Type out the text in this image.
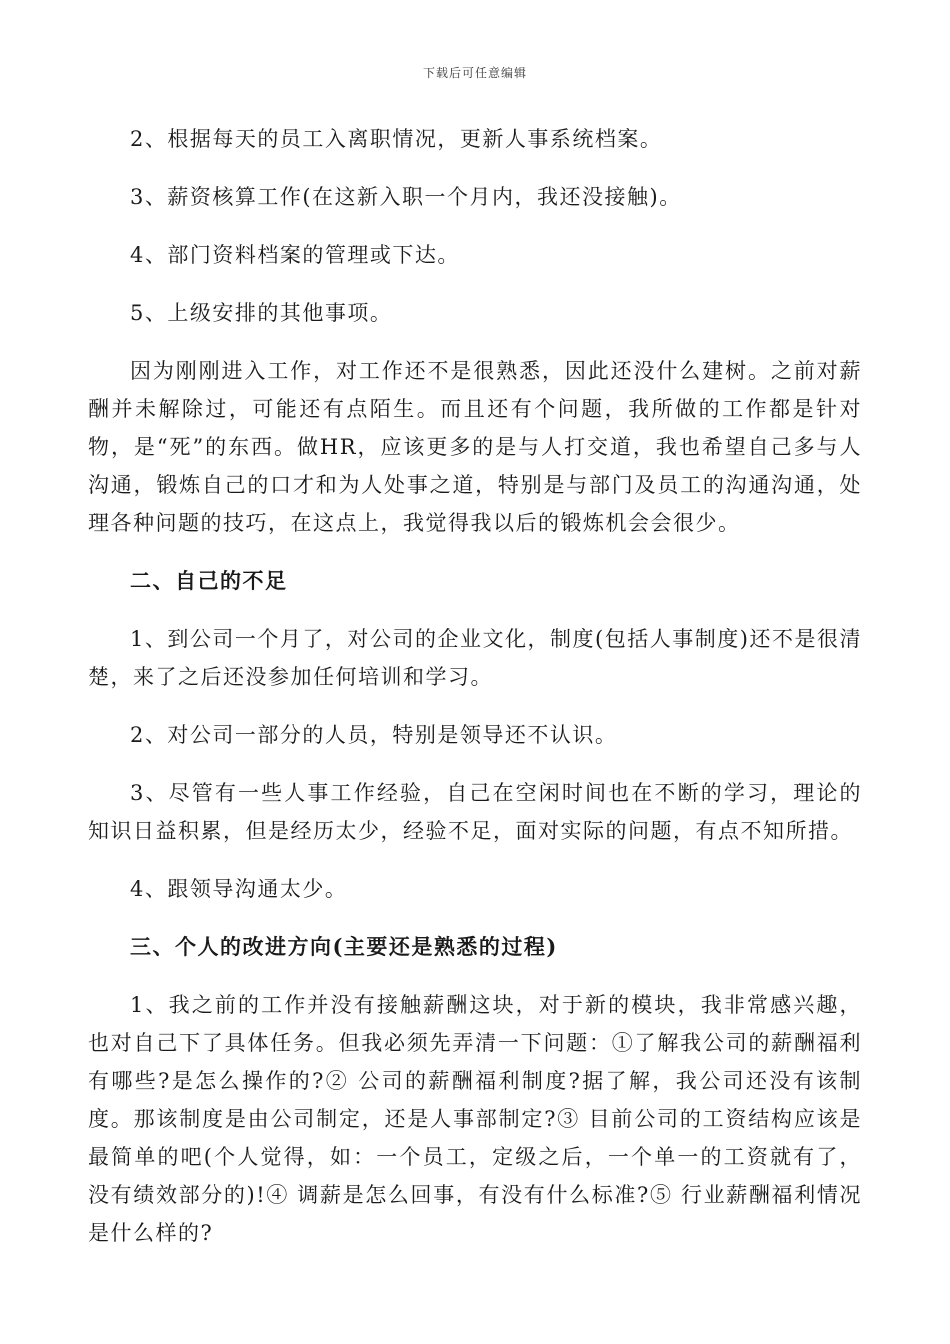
下载后可任意编辑

2、根据每天的员工入离职情况，更新人事系统档案。

3、薪资核算工作(在这新入职一个月内，我还没接触)。

4、部门资料档案的管理或下达。

5、上级安排的其他事项。

因为刚刚进入工作，对工作还不是很熟悉，因此还没什么建树。之前对薪酬并未解除过，可能还有点陌生。而且还有个问题，我所做的工作都是针对物，是“死”的东西。做HR，应该更多的是与人打交道，我也希望自己多与人沟通，锻炼自己的口才和为人处事之道，特别是与部门及员工的沟通沟通，处理各种问题的技巧，在这点上，我觉得我以后的锻炼机会会很少。

二、自己的不足

1、到公司一个月了，对公司的企业文化，制度(包括人事制度)还不是很清楚，来了之后还没参加任何培训和学习。

2、对公司一部分的人员，特别是领导还不认识。

3、尽管有一些人事工作经验，自己在空闲时间也在不断的学习，理论的知识日益积累，但是经历太少，经验不足，面对实际的问题，有点不知所措。

4、跟领导沟通太少。

三、个人的改进方向(主要还是熟悉的过程)

1、我之前的工作并没有接触薪酬这块，对于新的模块，我非常感兴趣，也对自己下了具体任务。但我必须先弄清一下问题：①了解我公司的薪酬福利有哪些?是怎么操作的?② 公司的薪酬福利制度?据了解，我公司还没有该制度。那该制度是由公司制定，还是人事部制定?③ 目前公司的工资结构应该是最简单的吧(个人觉得，如：一个员工，定级之后，一个单一的工资就有了，没有绩效部分的)!④ 调薪是怎么回事，有没有什么标准?⑤ 行业薪酬福利情况是什么样的?
